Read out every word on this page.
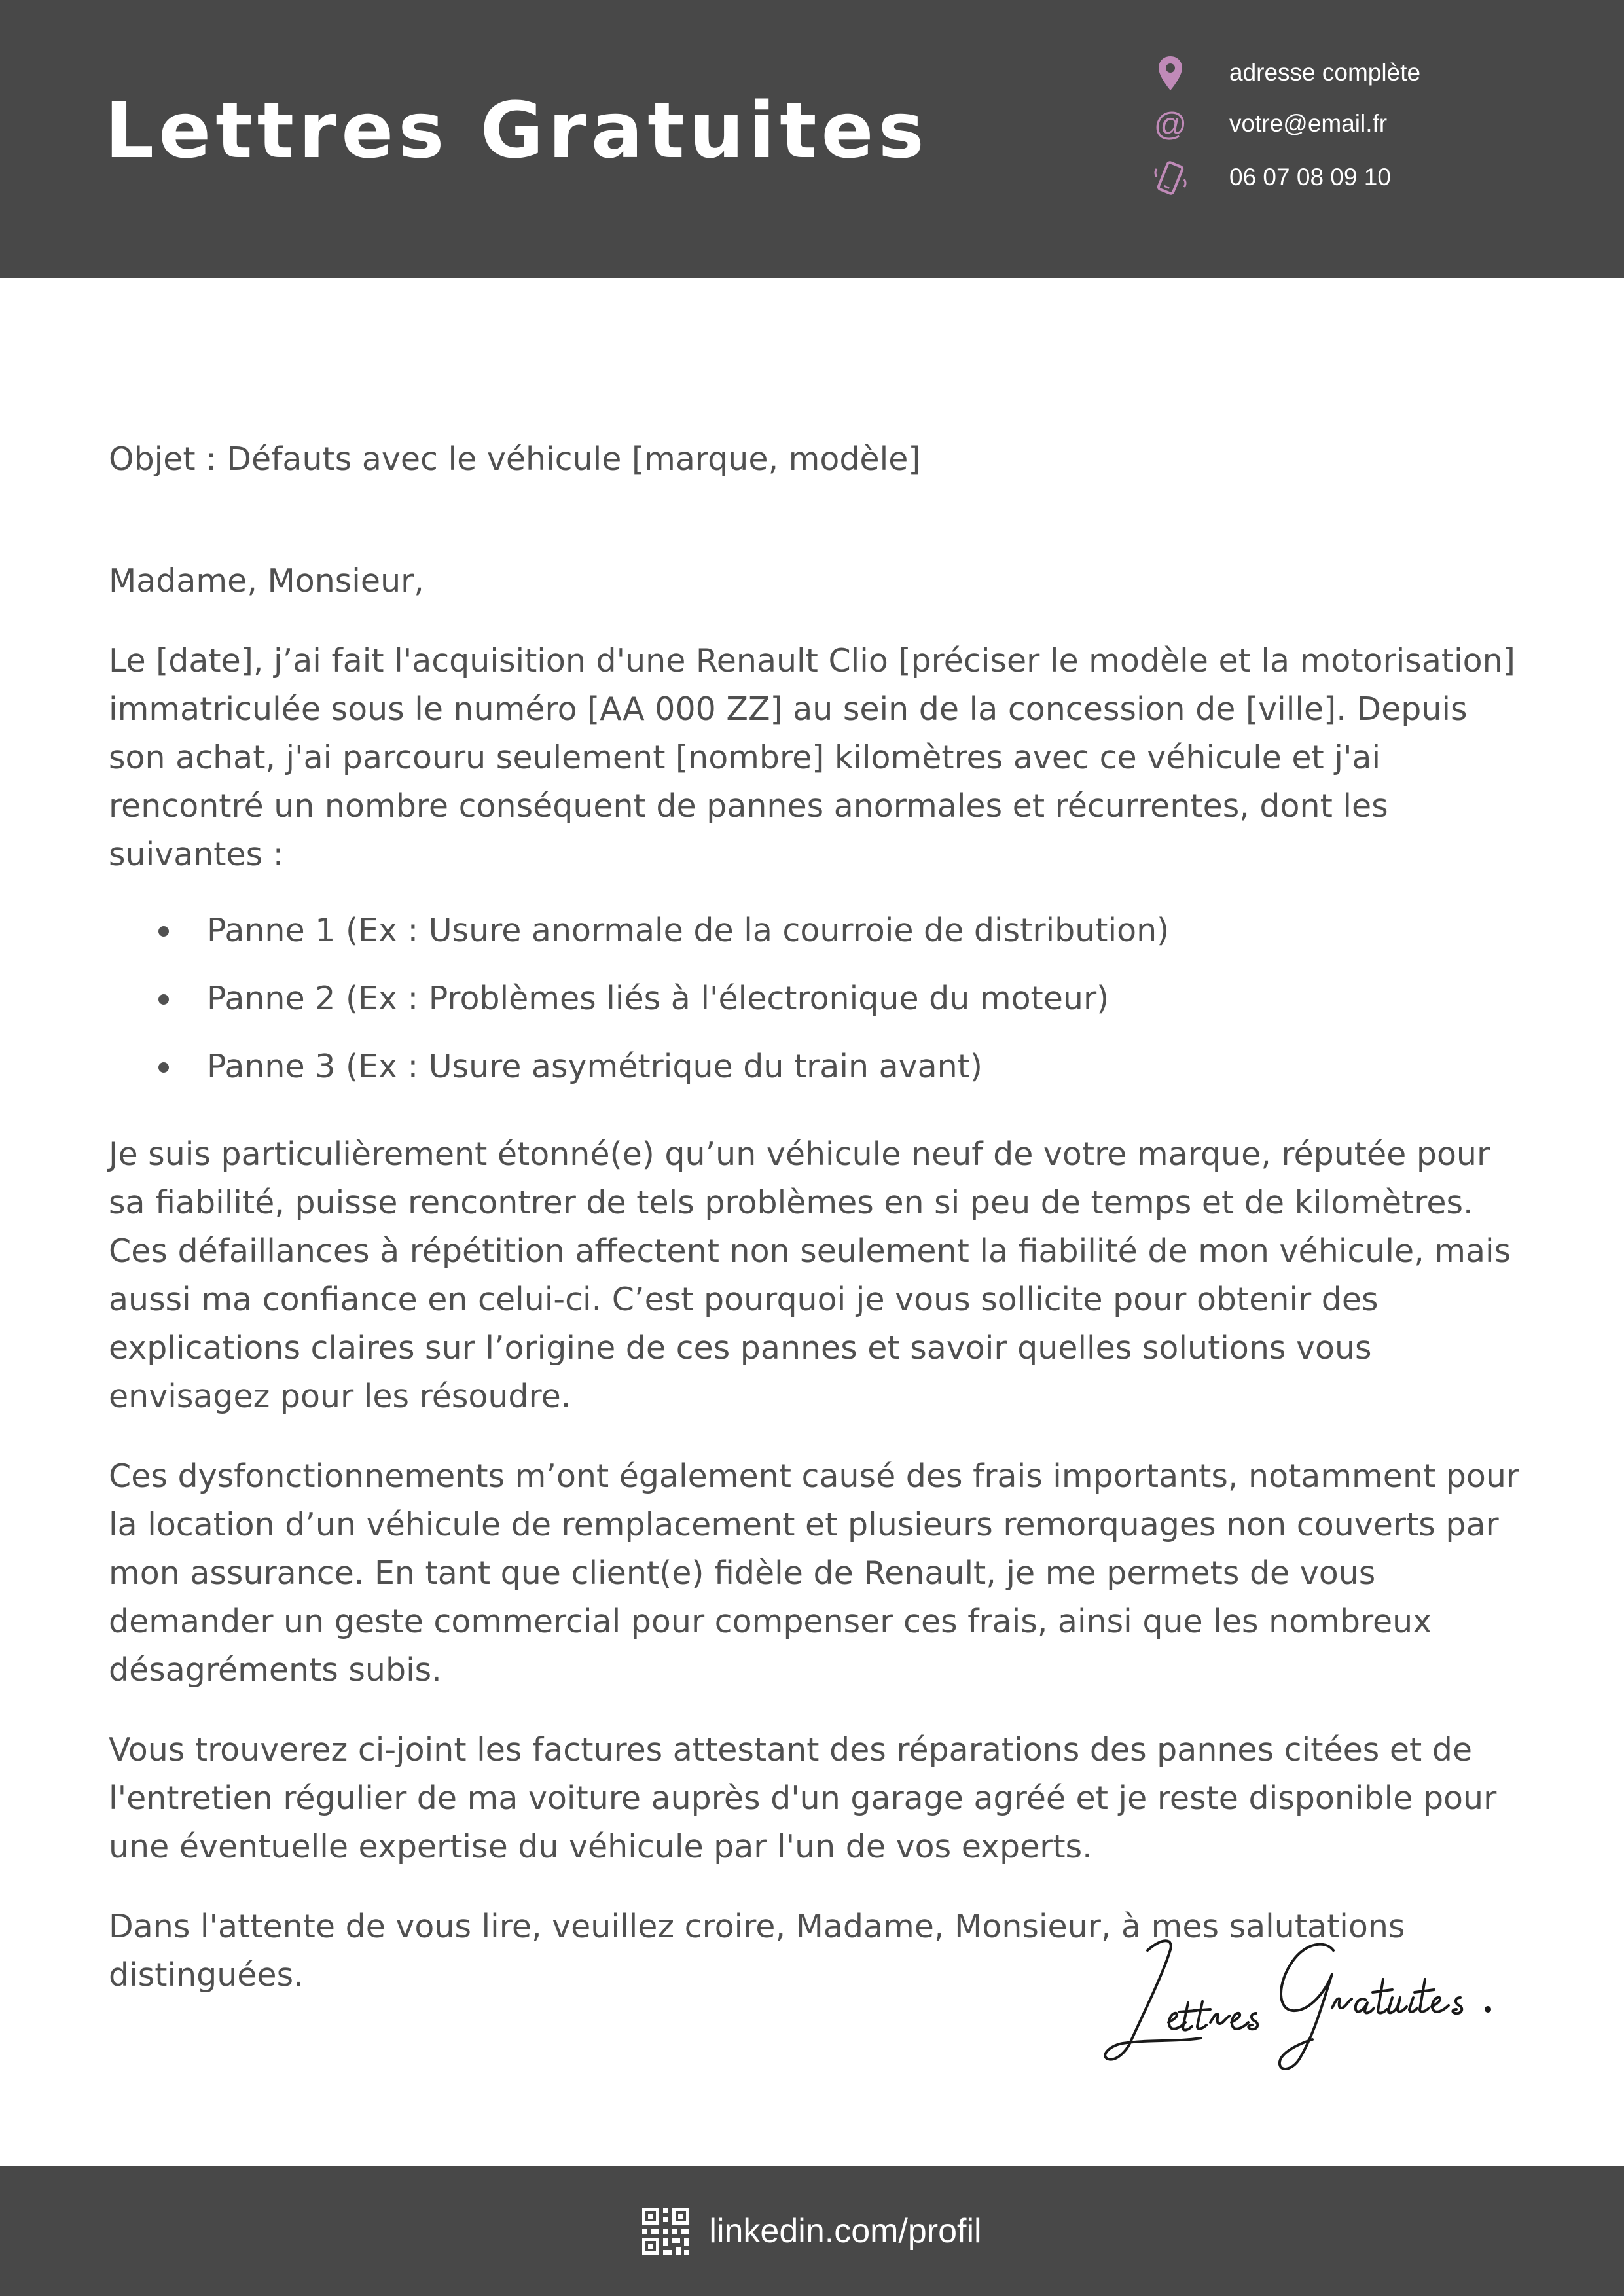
Lettres Gratuites
adresse complète
@ votre@email.fr
06 07 08 09 10

Objet : Défauts avec le véhicule [marque, modèle]

Madame, Monsieur,

Le [date], j’ai fait l'acquisition d'une Renault Clio [préciser le modèle et la motorisation] immatriculée sous le numéro [AA 000 ZZ] au sein de la concession de [ville]. Depuis son achat, j'ai parcouru seulement [nombre] kilomètres avec ce véhicule et j'ai rencontré un nombre conséquent de pannes anormales et récurrentes, dont les suivantes :

Panne 1 (Ex : Usure anormale de la courroie de distribution)
Panne 2 (Ex : Problèmes liés à l'électronique du moteur)
Panne 3 (Ex : Usure asymétrique du train avant)

Je suis particulièrement étonné(e) qu’un véhicule neuf de votre marque, réputée pour sa fiabilité, puisse rencontrer de tels problèmes en si peu de temps et de kilomètres. Ces défaillances à répétition affectent non seulement la fiabilité de mon véhicule, mais aussi ma confiance en celui-ci. C’est pourquoi je vous sollicite pour obtenir des explications claires sur l’origine de ces pannes et savoir quelles solutions vous envisagez pour les résoudre.

Ces dysfonctionnements m’ont également causé des frais importants, notamment pour la location d’un véhicule de remplacement et plusieurs remorquages non couverts par mon assurance. En tant que client(e) fidèle de Renault, je me permets de vous demander un geste commercial pour compenser ces frais, ainsi que les nombreux désagréments subis.

Vous trouverez ci-joint les factures attestant des réparations des pannes citées et de l'entretien régulier de ma voiture auprès d'un garage agréé et je reste disponible pour une éventuelle expertise du véhicule par l'un de vos experts.

Dans l'attente de vous lire, veuillez croire, Madame, Monsieur, à mes salutations distinguées.

linkedin.com/profil
